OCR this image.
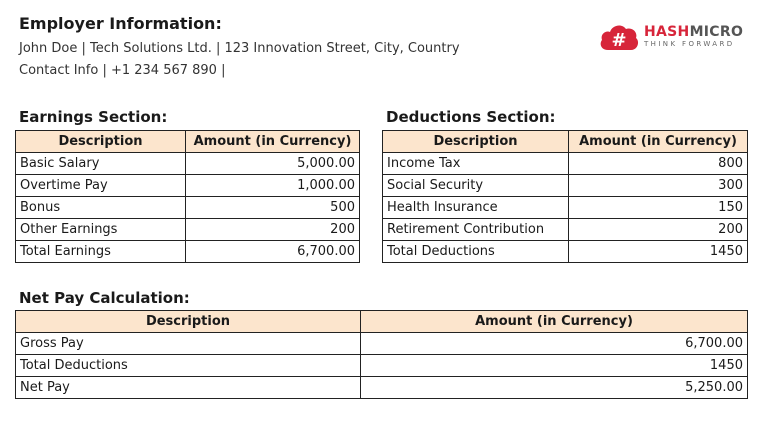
Employer Information:
John Doe | Tech Solutions Ltd. | 123 Innovation Street, City, Country
Contact Info | +1 234 567 890 |
# HASHMICRO
THINK FORWARD
Earnings Section:
Description	Amount (in Currency)
Basic Salary	5,000.00
Overtime Pay	1,000.00
Bonus	500
Other Earnings	200
Total Earnings	6,700.00
Deductions Section:
Description	Amount (in Currency)
Income Tax	800
Social Security	300
Health Insurance	150
Retirement Contribution	200
Total Deductions	1450
Net Pay Calculation:
Description	Amount (in Currency)
Gross Pay	6,700.00
Total Deductions	1450
Net Pay	5,250.00
